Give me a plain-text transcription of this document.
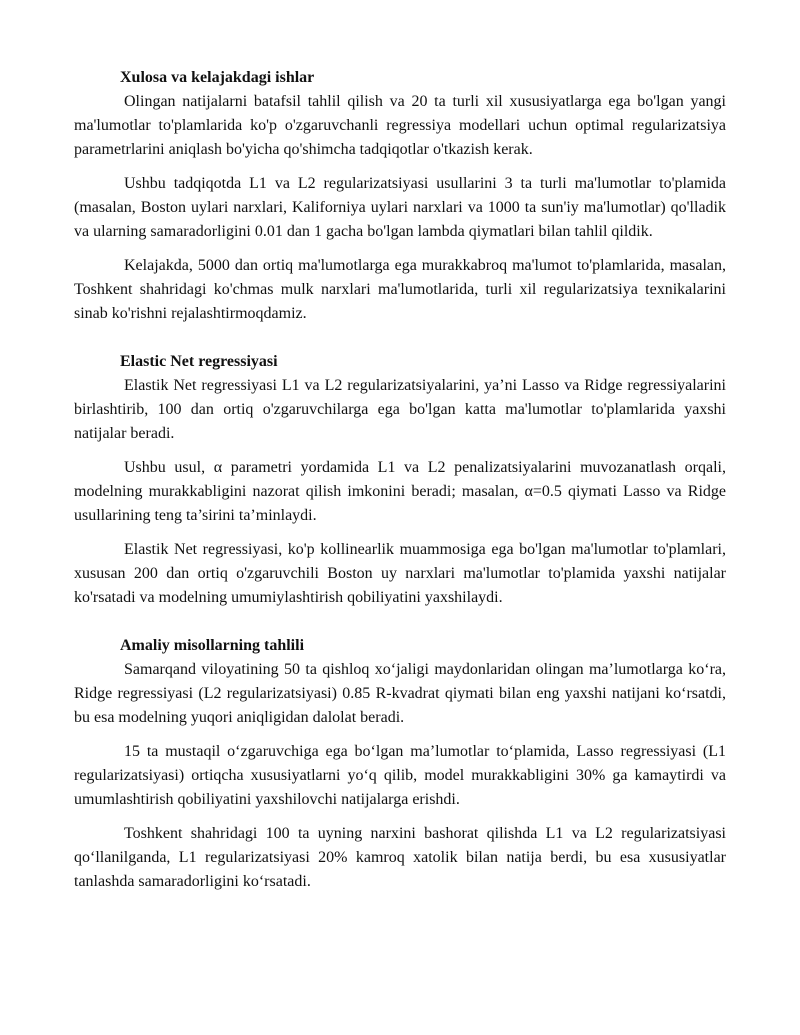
Xulosa va kelajakdagi ishlar

Olingan natijalarni batafsil tahlil qilish va 20 ta turli xil xususiyatlarga ega bo'lgan yangi ma'lumotlar to'plamlarida ko'p o'zgaruvchanli regressiya modellari uchun optimal regularizatsiya parametrlarini aniqlash bo'yicha qo'shimcha tadqiqotlar o'tkazish kerak.

Ushbu tadqiqotda L1 va L2 regularizatsiyasi usullarini 3 ta turli ma'lumotlar to'plamida (masalan, Boston uylari narxlari, Kaliforniya uylari narxlari va 1000 ta sun'iy ma'lumotlar) qo'lladik va ularning samaradorligini 0.01 dan 1 gacha bo'lgan lambda qiymatlari bilan tahlil qildik.

Kelajakda, 5000 dan ortiq ma'lumotlarga ega murakkabroq ma'lumot to'plamlarida, masalan, Toshkent shahridagi ko'chmas mulk narxlari ma'lumotlarida, turli xil regularizatsiya texnikalarini sinab ko'rishni rejalashtirmoqdamiz.

Elastic Net regressiyasi

Elastik Net regressiyasi L1 va L2 regularizatsiyalarini, ya’ni Lasso va Ridge regressiyalarini birlashtirib, 100 dan ortiq o'zgaruvchilarga ega bo'lgan katta ma'lumotlar to'plamlarida yaxshi natijalar beradi.

Ushbu usul, α parametri yordamida L1 va L2 penalizatsiyalarini muvozanatlash orqali, modelning murakkabligini nazorat qilish imkonini beradi; masalan, α=0.5 qiymati Lasso va Ridge usullarining teng ta’sirini ta’minlaydi.

Elastik Net regressiyasi, ko'p kollinearlik muammosiga ega bo'lgan ma'lumotlar to'plamlari, xususan 200 dan ortiq o'zgaruvchili Boston uy narxlari ma'lumotlar to'plamida yaxshi natijalar ko'rsatadi va modelning umumiylashtirish qobiliyatini yaxshilaydi.

Amaliy misollarning tahlili

Samarqand viloyatining 50 ta qishloq xo‘jaligi maydonlaridan olingan ma’lumotlarga ko‘ra, Ridge regressiyasi (L2 regularizatsiyasi) 0.85 R-kvadrat qiymati bilan eng yaxshi natijani ko‘rsatdi, bu esa modelning yuqori aniqligidan dalolat beradi.

15 ta mustaqil o‘zgaruvchiga ega bo‘lgan ma’lumotlar to‘plamida, Lasso regressiyasi (L1 regularizatsiyasi) ortiqcha xususiyatlarni yo‘q qilib, model murakkabligini 30% ga kamaytirdi va umumlashtirish qobiliyatini yaxshilovchi natijalarga erishdi.

Toshkent shahridagi 100 ta uyning narxini bashorat qilishda L1 va L2 regularizatsiyasi qo‘llanilganda, L1 regularizatsiyasi 20% kamroq xatolik bilan natija berdi, bu esa xususiyatlar tanlashda samaradorligini ko‘rsatadi.
